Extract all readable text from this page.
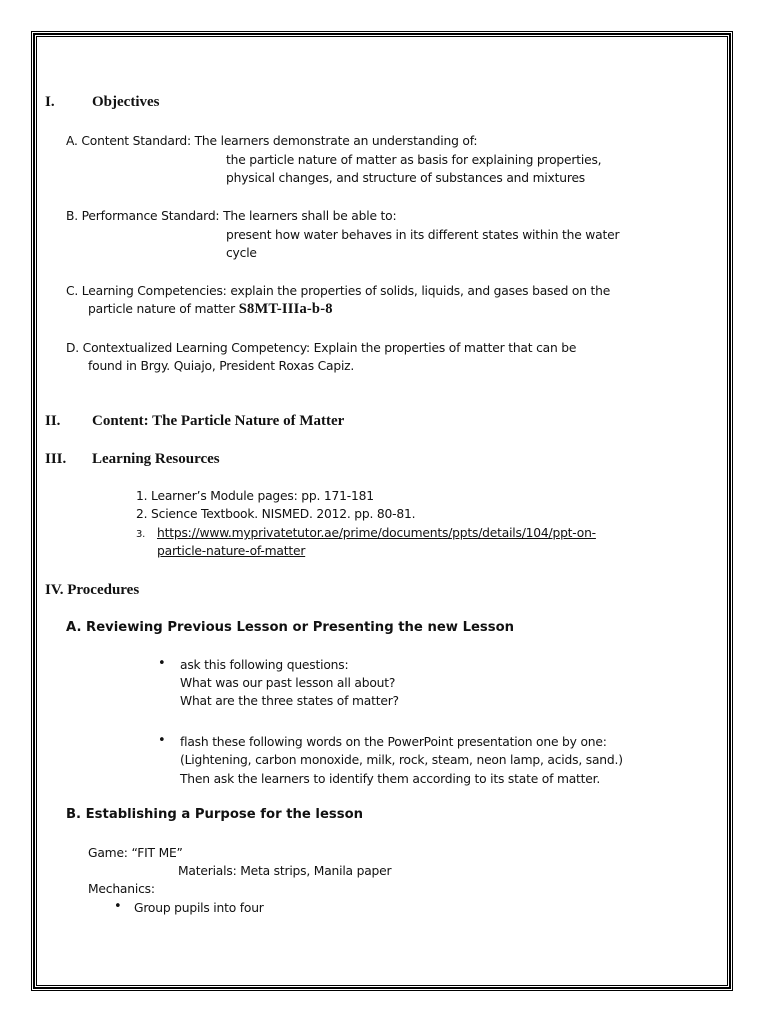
I. Objectives
A. Content Standard: The learners demonstrate an understanding of:
the particle nature of matter as basis for explaining properties,
physical changes, and structure of substances and mixtures
B. Performance Standard: The learners shall be able to:
present how water behaves in its different states within the water
cycle
C. Learning Competencies: explain the properties of solids, liquids, and gases based on the
particle nature of matter S8MT-IIIa-b-8
D. Contextualized Learning Competency: Explain the properties of matter that can be
found in Brgy. Quiajo, President Roxas Capiz.
II. Content: The Particle Nature of Matter
III. Learning Resources
1. Learner’s Module pages: pp. 171-181
2. Science Textbook. NISMED. 2012. pp. 80-81.
3. https://www.myprivatetutor.ae/prime/documents/ppts/details/104/ppt-on-
particle-nature-of-matter
IV. Procedures
A. Reviewing Previous Lesson or Presenting the new Lesson
• ask this following questions:
What was our past lesson all about?
What are the three states of matter?
• flash these following words on the PowerPoint presentation one by one:
(Lightening, carbon monoxide, milk, rock, steam, neon lamp, acids, sand.)
Then ask the learners to identify them according to its state of matter.
B. Establishing a Purpose for the lesson
Game: “FIT ME”
Materials: Meta strips, Manila paper
Mechanics:
• Group pupils into four
